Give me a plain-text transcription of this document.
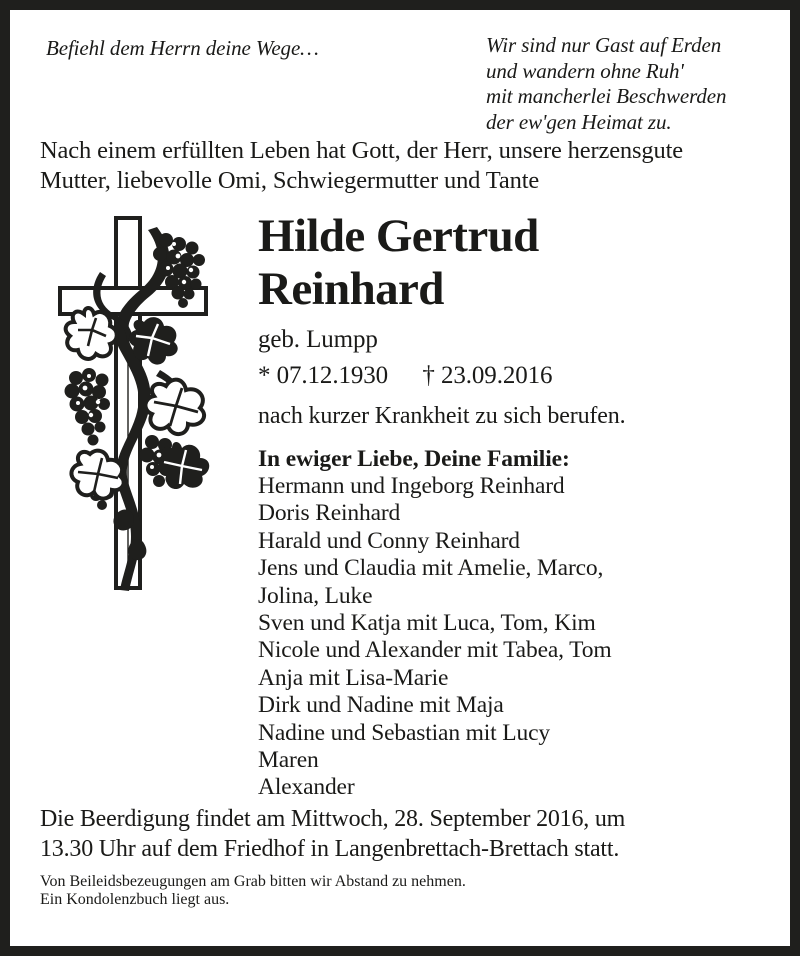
Befiehl dem Herrn deine Wege…	Wir sind nur Gast auf Erden
und wandern ohne Ruh'
mit mancherlei Beschwerden
der ew'gen Heimat zu.
Nach einem erfüllten Leben hat Gott, der Herr, unsere herzensgute
Mutter, liebevolle Omi, Schwiegermutter und Tante
Hilde Gertrud
Reinhard
geb. Lumpp
* 07.12.1930 † 23.09.2016
nach kurzer Krankheit zu sich berufen.
In ewiger Liebe, Deine Familie:
Hermann und Ingeborg Reinhard
Doris Reinhard
Harald und Conny Reinhard
Jens und Claudia mit Amelie, Marco,
Jolina, Luke
Sven und Katja mit Luca, Tom, Kim
Nicole und Alexander mit Tabea, Tom
Anja mit Lisa-Marie
Dirk und Nadine mit Maja
Nadine und Sebastian mit Lucy
Maren
Alexander

Die Beerdigung findet am Mittwoch, 28. September 2016, um
13.30 Uhr auf dem Friedhof in Langenbrettach-Brettach statt.

Von Beileidsbezeugungen am Grab bitten wir Abstand zu nehmen.
Ein Kondolenzbuch liegt aus.
